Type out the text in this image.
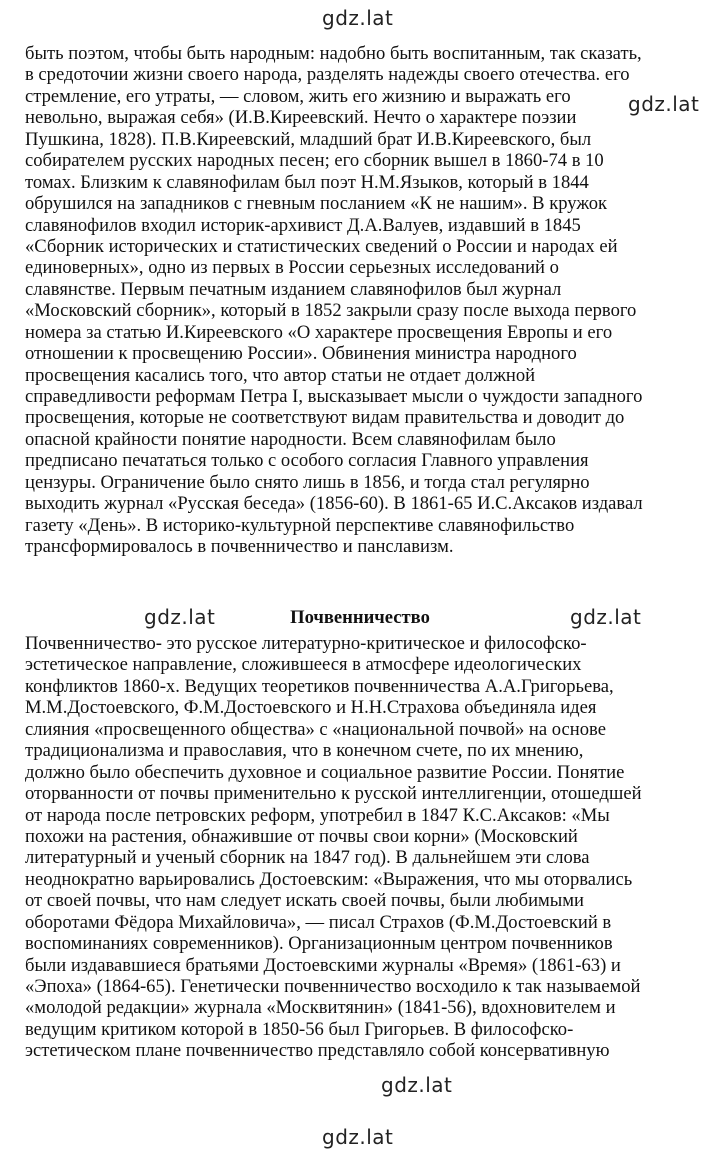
gdz.lat
gdz.lat
gdz.lat	gdz.lat
gdz.lat
gdz.lat
быть поэтом, чтобы быть народным: надобно быть воспитанным, так сказать,
в средоточии жизни своего народа, разделять надежды своего отечества. его
стремление, его утраты, — словом, жить его жизнию и выражать его
невольно, выражая себя» (И.В.Киреевский. Нечто о характере поэзии
Пушкина, 1828). П.В.Киреевский, младший брат И.В.Киреевского, был
собирателем русских народных песен; его сборник вышел в 1860-74 в 10
томах. Близким к славянофилам был поэт Н.М.Языков, который в 1844
обрушился на западников с гневным посланием «К не нашим». В кружок
славянофилов входил историк-архивист Д.А.Валуев, издавший в 1845
«Сборник исторических и статистических сведений о России и народах ей
единоверных», одно из первых в России серьезных исследований о
славянстве. Первым печатным изданием славянофилов был журнал
«Московский сборник», который в 1852 закрыли сразу после выхода первого
номера за статью И.Киреевского «О характере просвещения Европы и его
отношении к просвещению России». Обвинения министра народного
просвещения касались того, что автор статьи не отдает должной
справедливости реформам Петра I, высказывает мысли о чуждости западного
просвещения, которые не соответствуют видам правительства и доводит до
опасной крайности понятие народности. Всем славянофилам было
предписано печататься только с особого согласия Главного управления
цензуры. Ограничение было снято лишь в 1856, и тогда стал регулярно
выходить журнал «Русская беседа» (1856-60). В 1861-65 И.С.Аксаков издавал
газету «День». В историко-культурной перспективе славянофильство
трансформировалось в почвенничество и панславизм.
Почвенничество
Почвенничество- это русское литературно-критическое и философско-
эстетическое направление, сложившееся в атмосфере идеологических
конфликтов 1860-х. Ведущих теоретиков почвенничества А.А.Григорьева,
М.М.Достоевского, Ф.М.Достоевского и Н.Н.Страхова объединяла идея
слияния «просвещенного общества» с «национальной почвой» на основе
традиционализма и православия, что в конечном счете, по их мнению,
должно было обеспечить духовное и социальное развитие России. Понятие
оторванности от почвы применительно к русской интеллигенции, отошедшей
от народа после петровских реформ, употребил в 1847 К.С.Аксаков: «Мы
похожи на растения, обнажившие от почвы свои корни» (Московский
литературный и ученый сборник на 1847 год). В дальнейшем эти слова
неоднократно варьировались Достоевским: «Выражения, что мы оторвались
от своей почвы, что нам следует искать своей почвы, были любимыми
оборотами Фёдора Михайловича», — писал Страхов (Ф.М.Достоевский в
воспоминаниях современников). Организационным центром почвенников
были издававшиеся братьями Достоевскими журналы «Время» (1861-63) и
«Эпоха» (1864-65). Генетически почвенничество восходило к так называемой
«молодой редакции» журнала «Москвитянин» (1841-56), вдохновителем и
ведущим критиком которой в 1850-56 был Григорьев. В философско-
эстетическом плане почвенничество представляло собой консервативную
